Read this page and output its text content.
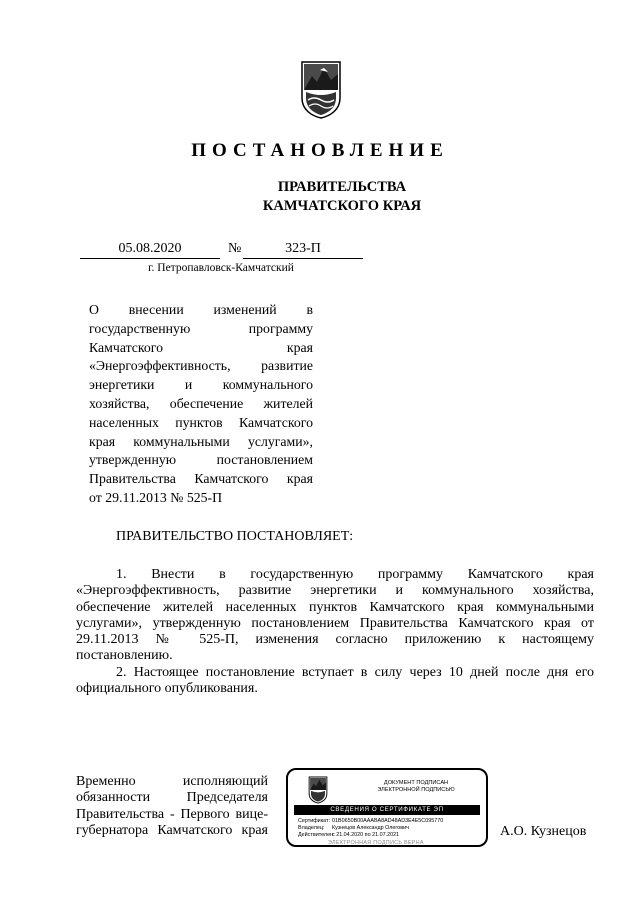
ПОСТАНОВЛЕНИЕ
ПРАВИТЕЛЬСТВА
КАМЧАТСКОГО КРАЯ
05.08.2020	№	323-П
г. Петропавловск-Камчатский
О внесении изменений в
государственную программу
Камчатского края
«Энергоэффективность, развитие
энергетики и коммунального
хозяйства, обеспечение жителей
населенных пунктов Камчатского
края коммунальными услугами»,
утвержденную постановлением
Правительства Камчатского края
от 29.11.2013 № 525-П
ПРАВИТЕЛЬСТВО ПОСТАНОВЛЯЕТ:
1. Внести в государственную программу Камчатского края
«Энергоэффективность, развитие энергетики и коммунального хозяйства,
обеспечение жителей населенных пунктов Камчатского края коммунальными
услугами», утвержденную постановлением Правительства Камчатского края от
29.11.2013 № 525-П, изменения согласно приложению к настоящему
постановлению.
2. Настоящее постановление вступает в силу через 10 дней после дня его
официального опубликования.
Временно исполняющий
обязанности Председателя
Правительства - Первого вице-
губернатора Камчатского края
ДОКУМЕНТ ПОДПИСАН
ЭЛЕКТРОННОЙ ПОДПИСЬЮ
СВЕДЕНИЯ О СЕРТИФИКАТЕ ЭП
Сертификат: 01B0650B00AAABA8AD48AD3E4E5C095770
Владелец: Кузнецов Александр Олегович
Действителен:с 21.04.2020 по 21.07.2021
ЭЛЕКТРОННАЯ ПОДПИСЬ ВЕРНА
А.О. Кузнецов
